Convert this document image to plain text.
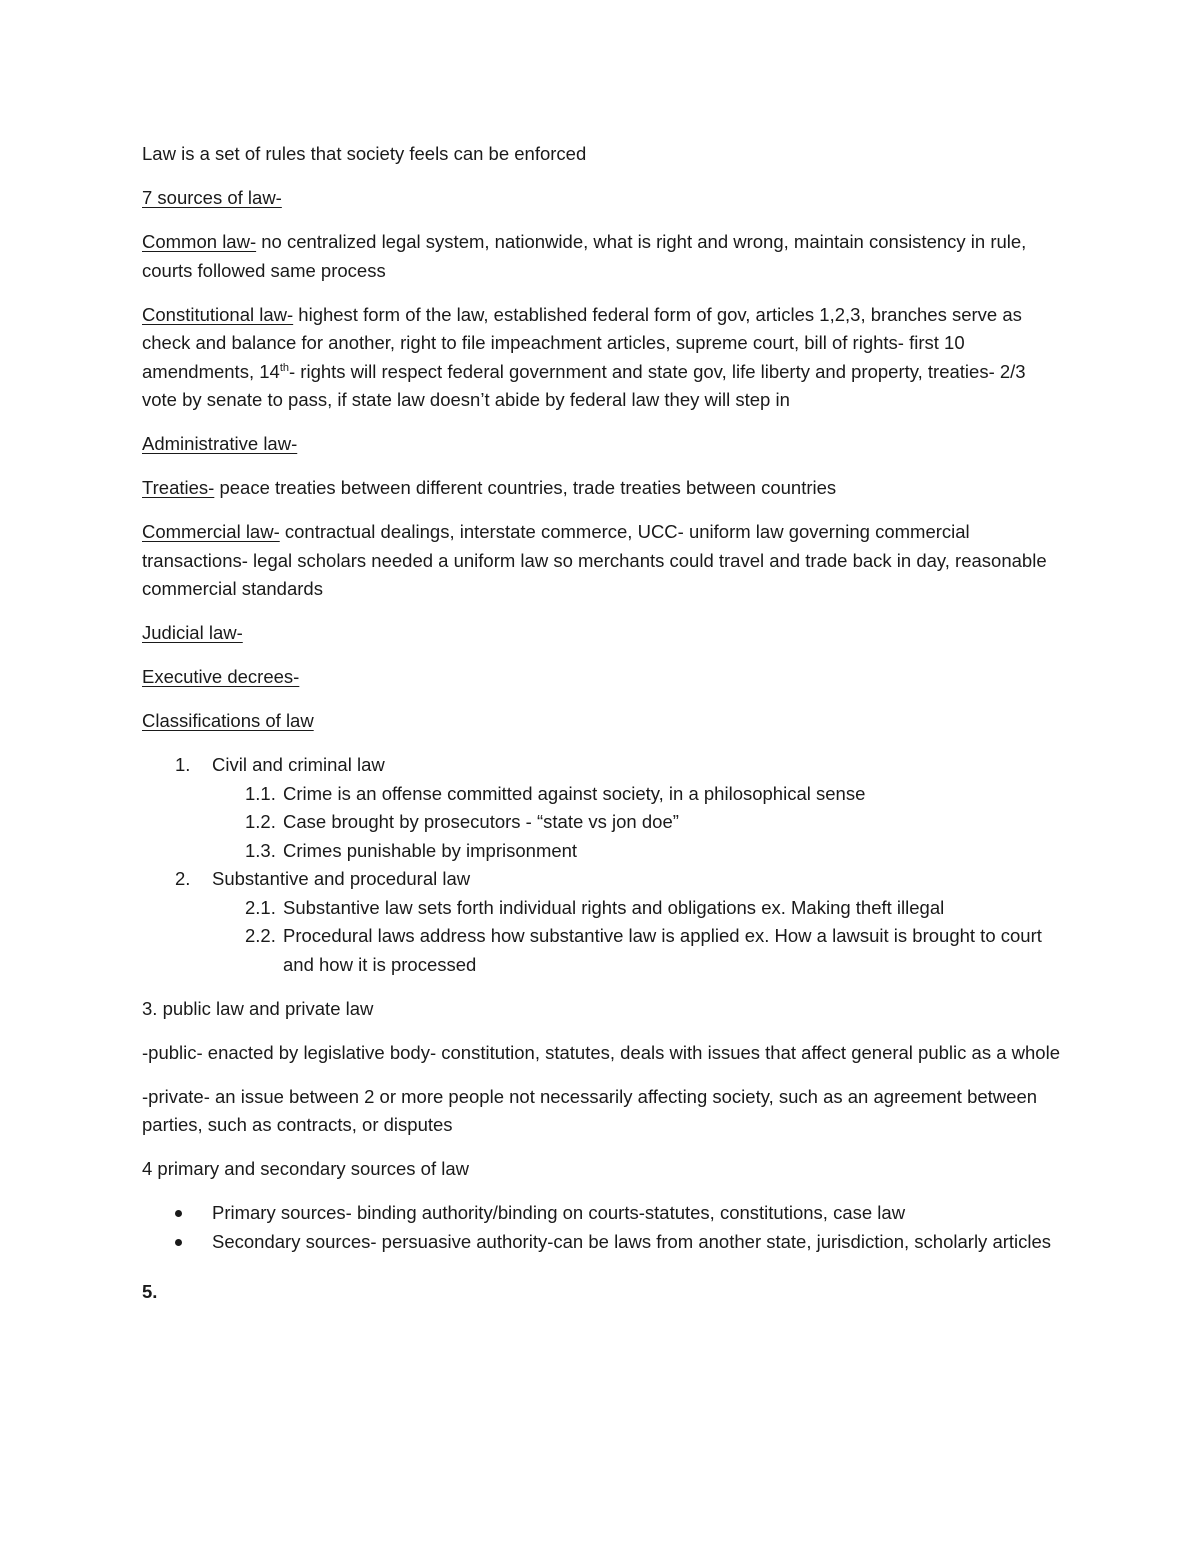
Law is a set of rules that society feels can be enforced

7 sources of law-

Common law- no centralized legal system, nationwide, what is right and wrong, maintain consistency in rule, courts followed same process

Constitutional law- highest form of the law, established federal form of gov, articles 1,2,3, branches serve as check and balance for another, right to file impeachment articles, supreme court, bill of rights- first 10 amendments, 14th- rights will respect federal government and state gov, life liberty and property, treaties- 2/3 vote by senate to pass, if state law doesn’t abide by federal law they will step in

Administrative law-

Treaties- peace treaties between different countries, trade treaties between countries

Commercial law- contractual dealings, interstate commerce, UCC- uniform law governing commercial transactions- legal scholars needed a uniform law so merchants could travel and trade back in day, reasonable commercial standards

Judicial law-

Executive decrees-

Classifications of law

1. Civil and criminal law
1.1. Crime is an offense committed against society, in a philosophical sense
1.2. Case brought by prosecutors - “state vs jon doe”
1.3. Crimes punishable by imprisonment
2. Substantive and procedural law
2.1. Substantive law sets forth individual rights and obligations ex. Making theft illegal
2.2. Procedural laws address how substantive law is applied ex. How a lawsuit is brought to court and how it is processed

3. public law and private law

-public- enacted by legislative body- constitution, statutes, deals with issues that affect general public as a whole

-private- an issue between 2 or more people not necessarily affecting society, such as an agreement between parties, such as contracts, or disputes

4 primary and secondary sources of law

Primary sources- binding authority/binding on courts-statutes, constitutions, case law
Secondary sources- persuasive authority-can be laws from another state, jurisdiction, scholarly articles

5.
